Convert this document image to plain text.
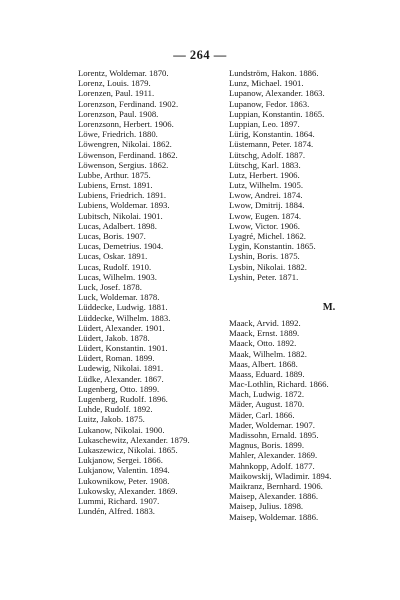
— 264 —
Lorentz, Woldemar. 1870.
Lorenz, Louis. 1879.
Lorenzen, Paul. 1911.
Lorenzson, Ferdinand. 1902.
Lorenzson, Paul. 1908.
Lorenzsonn, Herbert. 1906.
Löwe, Friedrich. 1880.
Löwengren, Nikolai. 1862.
Löwenson, Ferdinand. 1862.
Löwenson, Sergius. 1862.
Lubbe, Arthur. 1875.
Lubiens, Ernst. 1891.
Lubiens, Friedrich. 1891.
Lubiens, Woldemar. 1893.
Lubitsch, Nikolai. 1901.
Lucas, Adalbert. 1898.
Lucas, Boris. 1907.
Lucas, Demetrius. 1904.
Lucas, Oskar. 1891.
Lucas, Rudolf. 1910.
Lucas, Wilhelm. 1903.
Luck, Josef. 1878.
Luck, Woldemar. 1878.
Lüddecke, Ludwig. 1881.
Lüddecke, Wilhelm. 1883.
Lüdert, Alexander. 1901.
Lüdert, Jakob. 1878.
Lüdert, Konstantin. 1901.
Lüdert, Roman. 1899.
Ludewig, Nikolai. 1891.
Lüdke, Alexander. 1867.
Lugenberg, Otto. 1899.
Lugenberg, Rudolf. 1896.
Luhde, Rudolf. 1892.
Luitz, Jakob. 1875.
Lukanow, Nikolai. 1900.
Lukaschewitz, Alexander. 1879.
Lukaszewicz, Nikolai. 1865.
Lukjanow, Sergei. 1866.
Lukjanow, Valentin. 1894.
Lukownikow, Peter. 1908.
Lukowsky, Alexander. 1869.
Lummi, Richard. 1907.
Lundén, Alfred. 1883.
Lundström, Hakon. 1886.
Lunz, Michael. 1901.
Lupanow, Alexander. 1863.
Lupanow, Fedor. 1863.
Luppian, Konstantin. 1865.
Luppian, Leo. 1897.
Lürig, Konstantin. 1864.
Lüstemann, Peter. 1874.
Lütschg, Adolf. 1887.
Lütschg, Karl. 1883.
Lutz, Herbert. 1906.
Lutz, Wilhelm. 1905.
Lwow, Andrei. 1874.
Lwow, Dmitrij. 1884.
Lwow, Eugen. 1874.
Lwow, Victor. 1906.
Lyagré, Michel. 1862.
Lygin, Konstantin. 1865.
Lyshin, Boris. 1875.
Lysbin, Nikolai. 1882.
Lyshin, Peter. 1871.
M.
Maack, Arvid. 1892.
Maack, Ernst. 1889.
Maack, Otto. 1892.
Maak, Wilhelm. 1882.
Maas, Albert. 1868.
Maass, Eduard. 1889.
Mac-Lothlin, Richard. 1866.
Mach, Ludwig. 1872.
Mäder, August. 1870.
Mäder, Carl. 1866.
Mader, Woldemar. 1907.
Madissohn, Ernald. 1895.
Magnus, Boris. 1899.
Mahler, Alexander. 1869.
Mahnkopp, Adolf. 1877.
Maikowskij, Wladimir. 1894.
Maikranz, Bernhard. 1906.
Maisep, Alexander. 1886.
Maisep, Julius. 1898.
Maisep, Woldemar. 1886.
